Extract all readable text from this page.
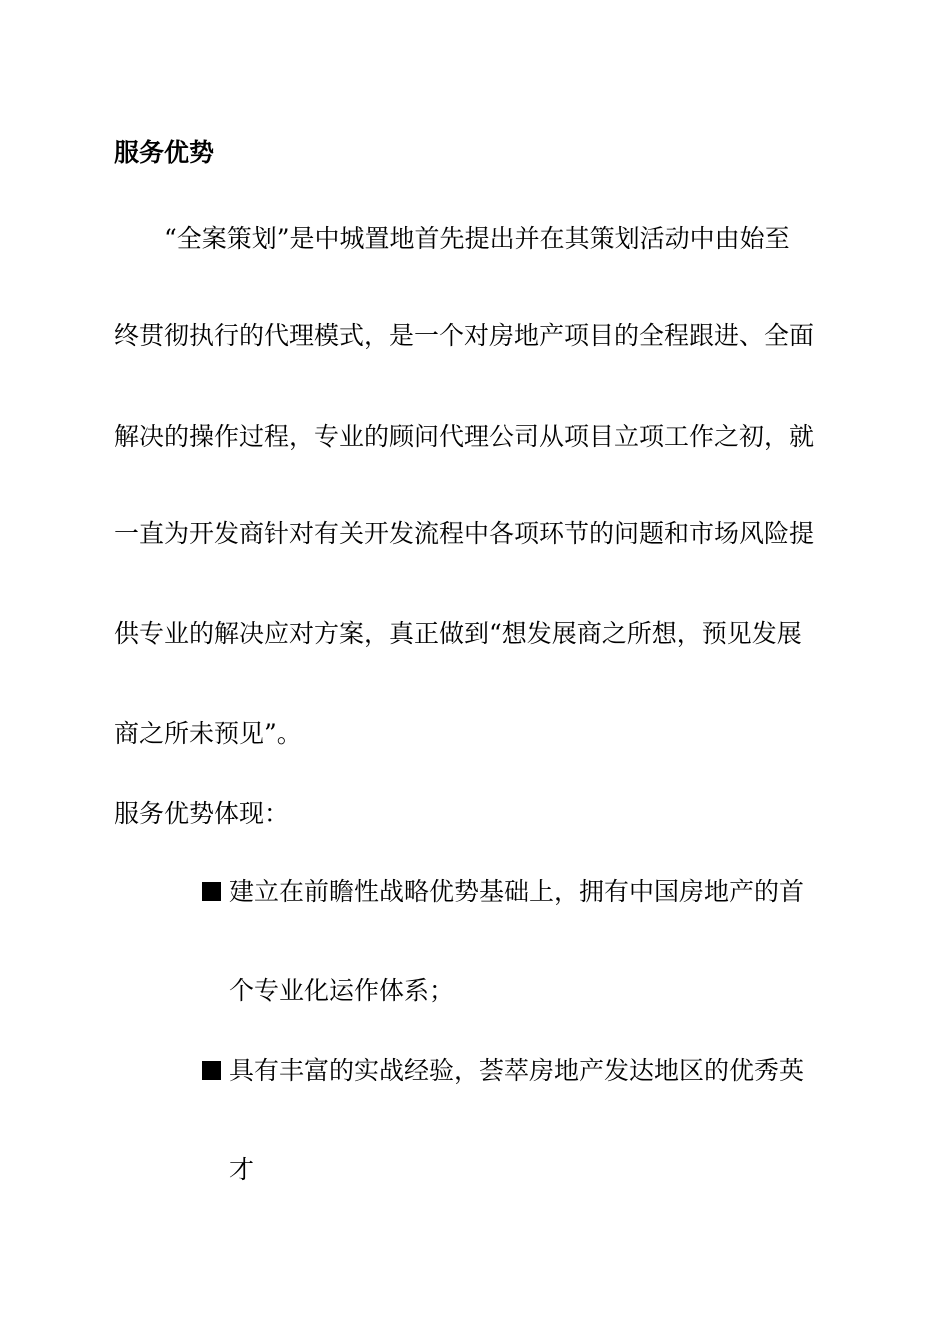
服务优势
“全案策划”是中城置地首先提出并在其策划活动中由始至
终贯彻执行的代理模式，是一个对房地产项目的全程跟进、全面
解决的操作过程，专业的顾问代理公司从项目立项工作之初，就
一直为开发商针对有关开发流程中各项环节的问题和市场风险提
供专业的解决应对方案，真正做到“想发展商之所想，预见发展
商之所未预见”。
服务优势体现：
建立在前瞻性战略优势基础上，拥有中国房地产的首
个专业化运作体系；
具有丰富的实战经验，荟萃房地产发达地区的优秀英
才
